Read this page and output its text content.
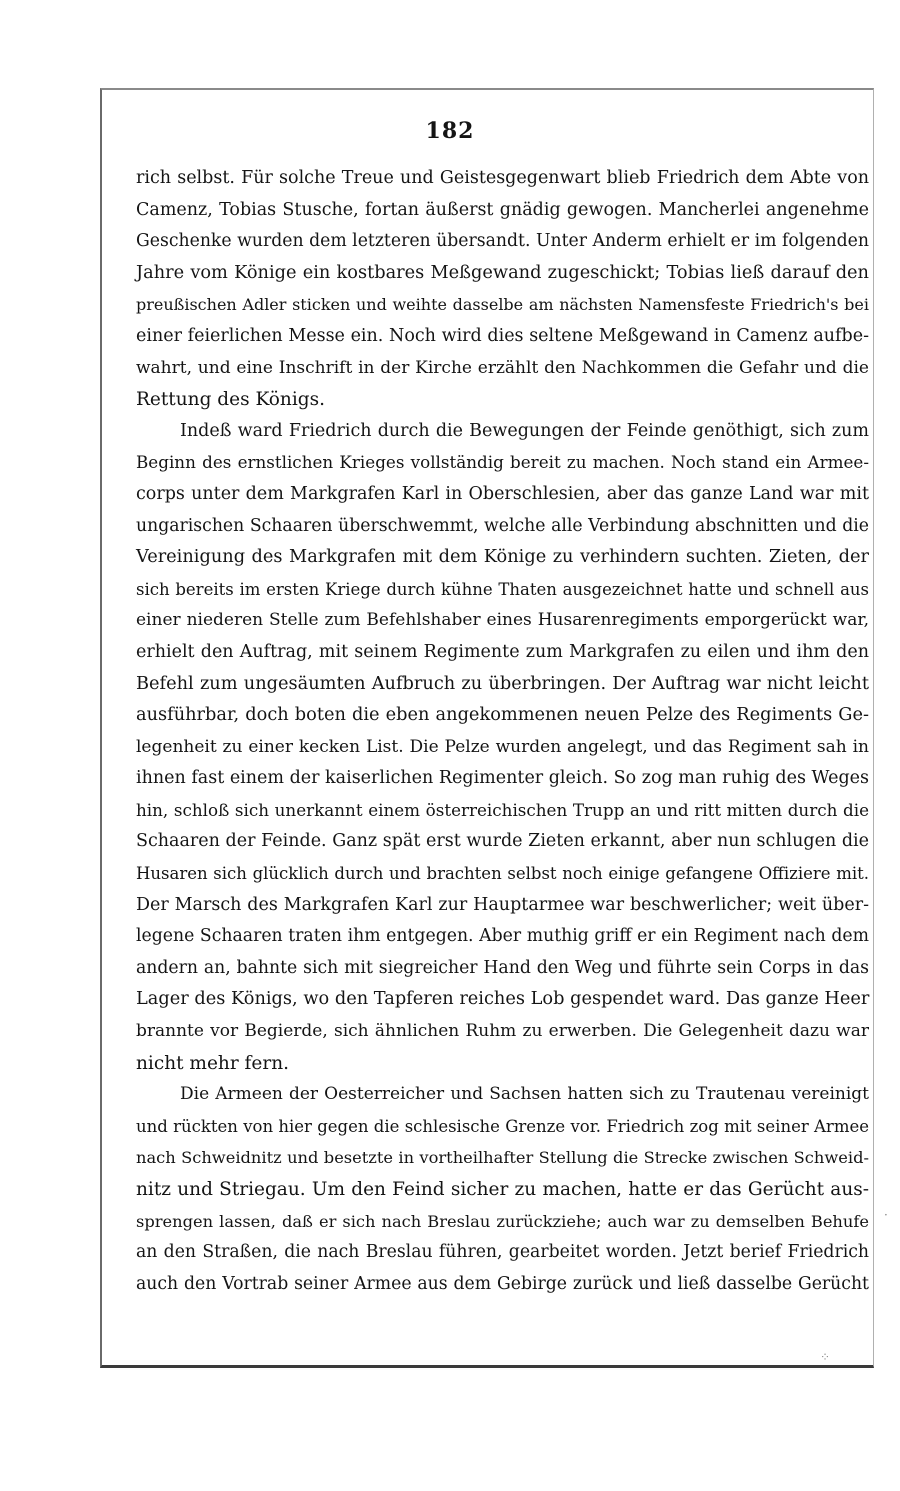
182
rich selbst. Für solche Treue und Geistesgegenwart blieb Friedrich dem Abte von
Camenz, Tobias Stusche, fortan äußerst gnädig gewogen. Mancherlei angenehme
Geschenke wurden dem letzteren übersandt. Unter Anderm erhielt er im folgenden
Jahre vom Könige ein kostbares Meßgewand zugeschickt; Tobias ließ darauf den
preußischen Adler sticken und weihte dasselbe am nächsten Namensfeste Friedrich's bei
einer feierlichen Messe ein. Noch wird dies seltene Meßgewand in Camenz aufbe-
wahrt, und eine Inschrift in der Kirche erzählt den Nachkommen die Gefahr und die
Rettung des Königs.
Indeß ward Friedrich durch die Bewegungen der Feinde genöthigt, sich zum
Beginn des ernstlichen Krieges vollständig bereit zu machen. Noch stand ein Armee-
corps unter dem Markgrafen Karl in Oberschlesien, aber das ganze Land war mit
ungarischen Schaaren überschwemmt, welche alle Verbindung abschnitten und die
Vereinigung des Markgrafen mit dem Könige zu verhindern suchten. Zieten, der
sich bereits im ersten Kriege durch kühne Thaten ausgezeichnet hatte und schnell aus
einer niederen Stelle zum Befehlshaber eines Husarenregiments emporgerückt war,
erhielt den Auftrag, mit seinem Regimente zum Markgrafen zu eilen und ihm den
Befehl zum ungesäumten Aufbruch zu überbringen. Der Auftrag war nicht leicht
ausführbar, doch boten die eben angekommenen neuen Pelze des Regiments Ge-
legenheit zu einer kecken List. Die Pelze wurden angelegt, und das Regiment sah in
ihnen fast einem der kaiserlichen Regimenter gleich. So zog man ruhig des Weges
hin, schloß sich unerkannt einem österreichischen Trupp an und ritt mitten durch die
Schaaren der Feinde. Ganz spät erst wurde Zieten erkannt, aber nun schlugen die
Husaren sich glücklich durch und brachten selbst noch einige gefangene Offiziere mit.
Der Marsch des Markgrafen Karl zur Hauptarmee war beschwerlicher; weit über-
legene Schaaren traten ihm entgegen. Aber muthig griff er ein Regiment nach dem
andern an, bahnte sich mit siegreicher Hand den Weg und führte sein Corps in das
Lager des Königs, wo den Tapferen reiches Lob gespendet ward. Das ganze Heer
brannte vor Begierde, sich ähnlichen Ruhm zu erwerben. Die Gelegenheit dazu war
nicht mehr fern.
Die Armeen der Oesterreicher und Sachsen hatten sich zu Trautenau vereinigt
und rückten von hier gegen die schlesische Grenze vor. Friedrich zog mit seiner Armee
nach Schweidnitz und besetzte in vortheilhafter Stellung die Strecke zwischen Schweid-
nitz und Striegau. Um den Feind sicher zu machen, hatte er das Gerücht aus-
sprengen lassen, daß er sich nach Breslau zurückziehe; auch war zu demselben Behufe
an den Straßen, die nach Breslau führen, gearbeitet worden. Jetzt berief Friedrich
auch den Vortrab seiner Armee aus dem Gebirge zurück und ließ dasselbe Gerücht
·
⁘
